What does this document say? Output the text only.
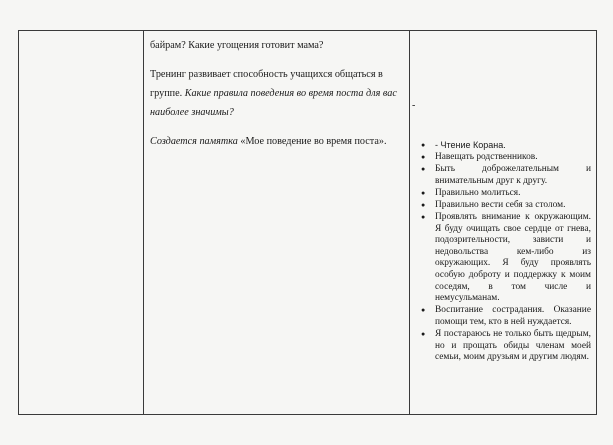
байрам? Какие угощения готовит мама?

Тренинг развивает способность учащихся общаться в группе. Какие правила поведения во время поста для вас наиболее значимы?

Создается памятка «Мое поведение во время поста».

-
● - Чтение Корана.
● Навещать родственников.
● Быть доброжелательным и внимательным друг к другу.
● Правильно молиться.
● Правильно вести себя за столом.
● Проявлять внимание к окружающим. Я буду очищать свое сердце от гнева, подозрительности, зависти и недовольства кем-либо из окружающих. Я буду проявлять особую доброту и поддержку к моим соседям, в том числе и немусульманам.
● Воспитание сострадания. Оказание помощи тем, кто в ней нуждается.
● Я постараюсь не только быть щедрым, но и прощать обиды членам моей семьи, моим друзьям и другим людям.
